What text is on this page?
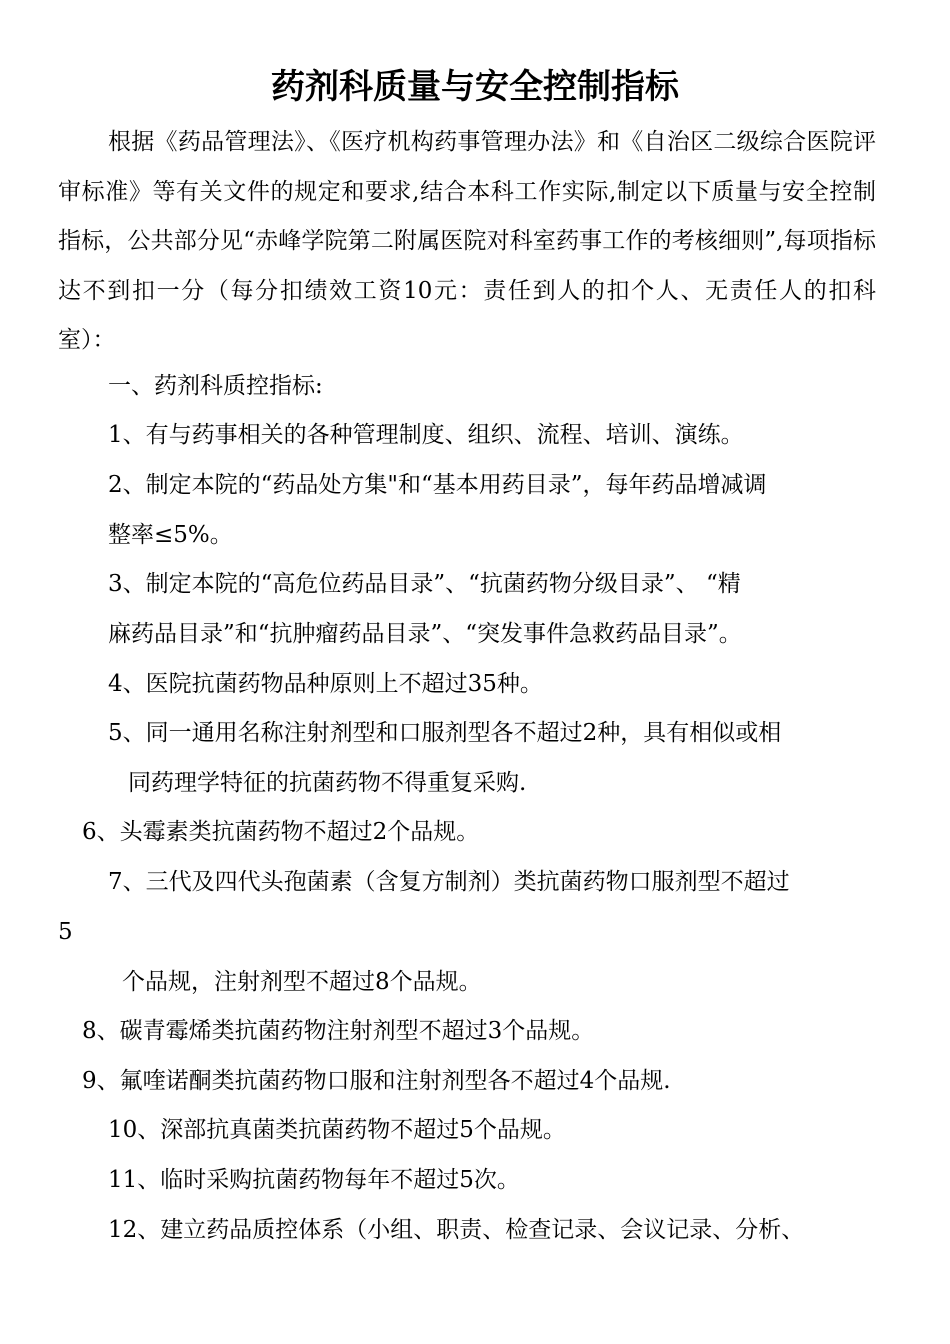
药剂科质量与安全控制指标

根据《药品管理法》、《医疗机构药事管理办法》和《自治区二级综合医院评审标准》等有关文件的规定和要求,结合本科工作实际,制定以下质量与安全控制指标，公共部分见“赤峰学院第二附属医院对科室药事工作的考核细则”,每项指标达不到扣一分（每分扣绩效工资10元：责任到人的扣个人、无责任人的扣科室）：

一、药剂科质控指标:
1、有与药事相关的各种管理制度、组织、流程、培训、演练。
2、制定本院的“药品处方集"和“基本用药目录”，每年药品增减调
整率≤5%。
3、制定本院的“高危位药品目录”、“抗菌药物分级目录”、 “精
麻药品目录”和“抗肿瘤药品目录”、“突发事件急救药品目录”。
4、医院抗菌药物品种原则上不超过35种。
5、同一通用名称注射剂型和口服剂型各不超过2种，具有相似或相
同药理学特征的抗菌药物不得重复采购.
6、头霉素类抗菌药物不超过2个品规。
7、三代及四代头孢菌素（含复方制剂）类抗菌药物口服剂型不超过
5
个品规，注射剂型不超过8个品规。
8、碳青霉烯类抗菌药物注射剂型不超过3个品规。
9、氟喹诺酮类抗菌药物口服和注射剂型各不超过4个品规.
10、深部抗真菌类抗菌药物不超过5个品规。
11、临时采购抗菌药物每年不超过5次。
12、建立药品质控体系（小组、职责、检查记录、会议记录、分析、
